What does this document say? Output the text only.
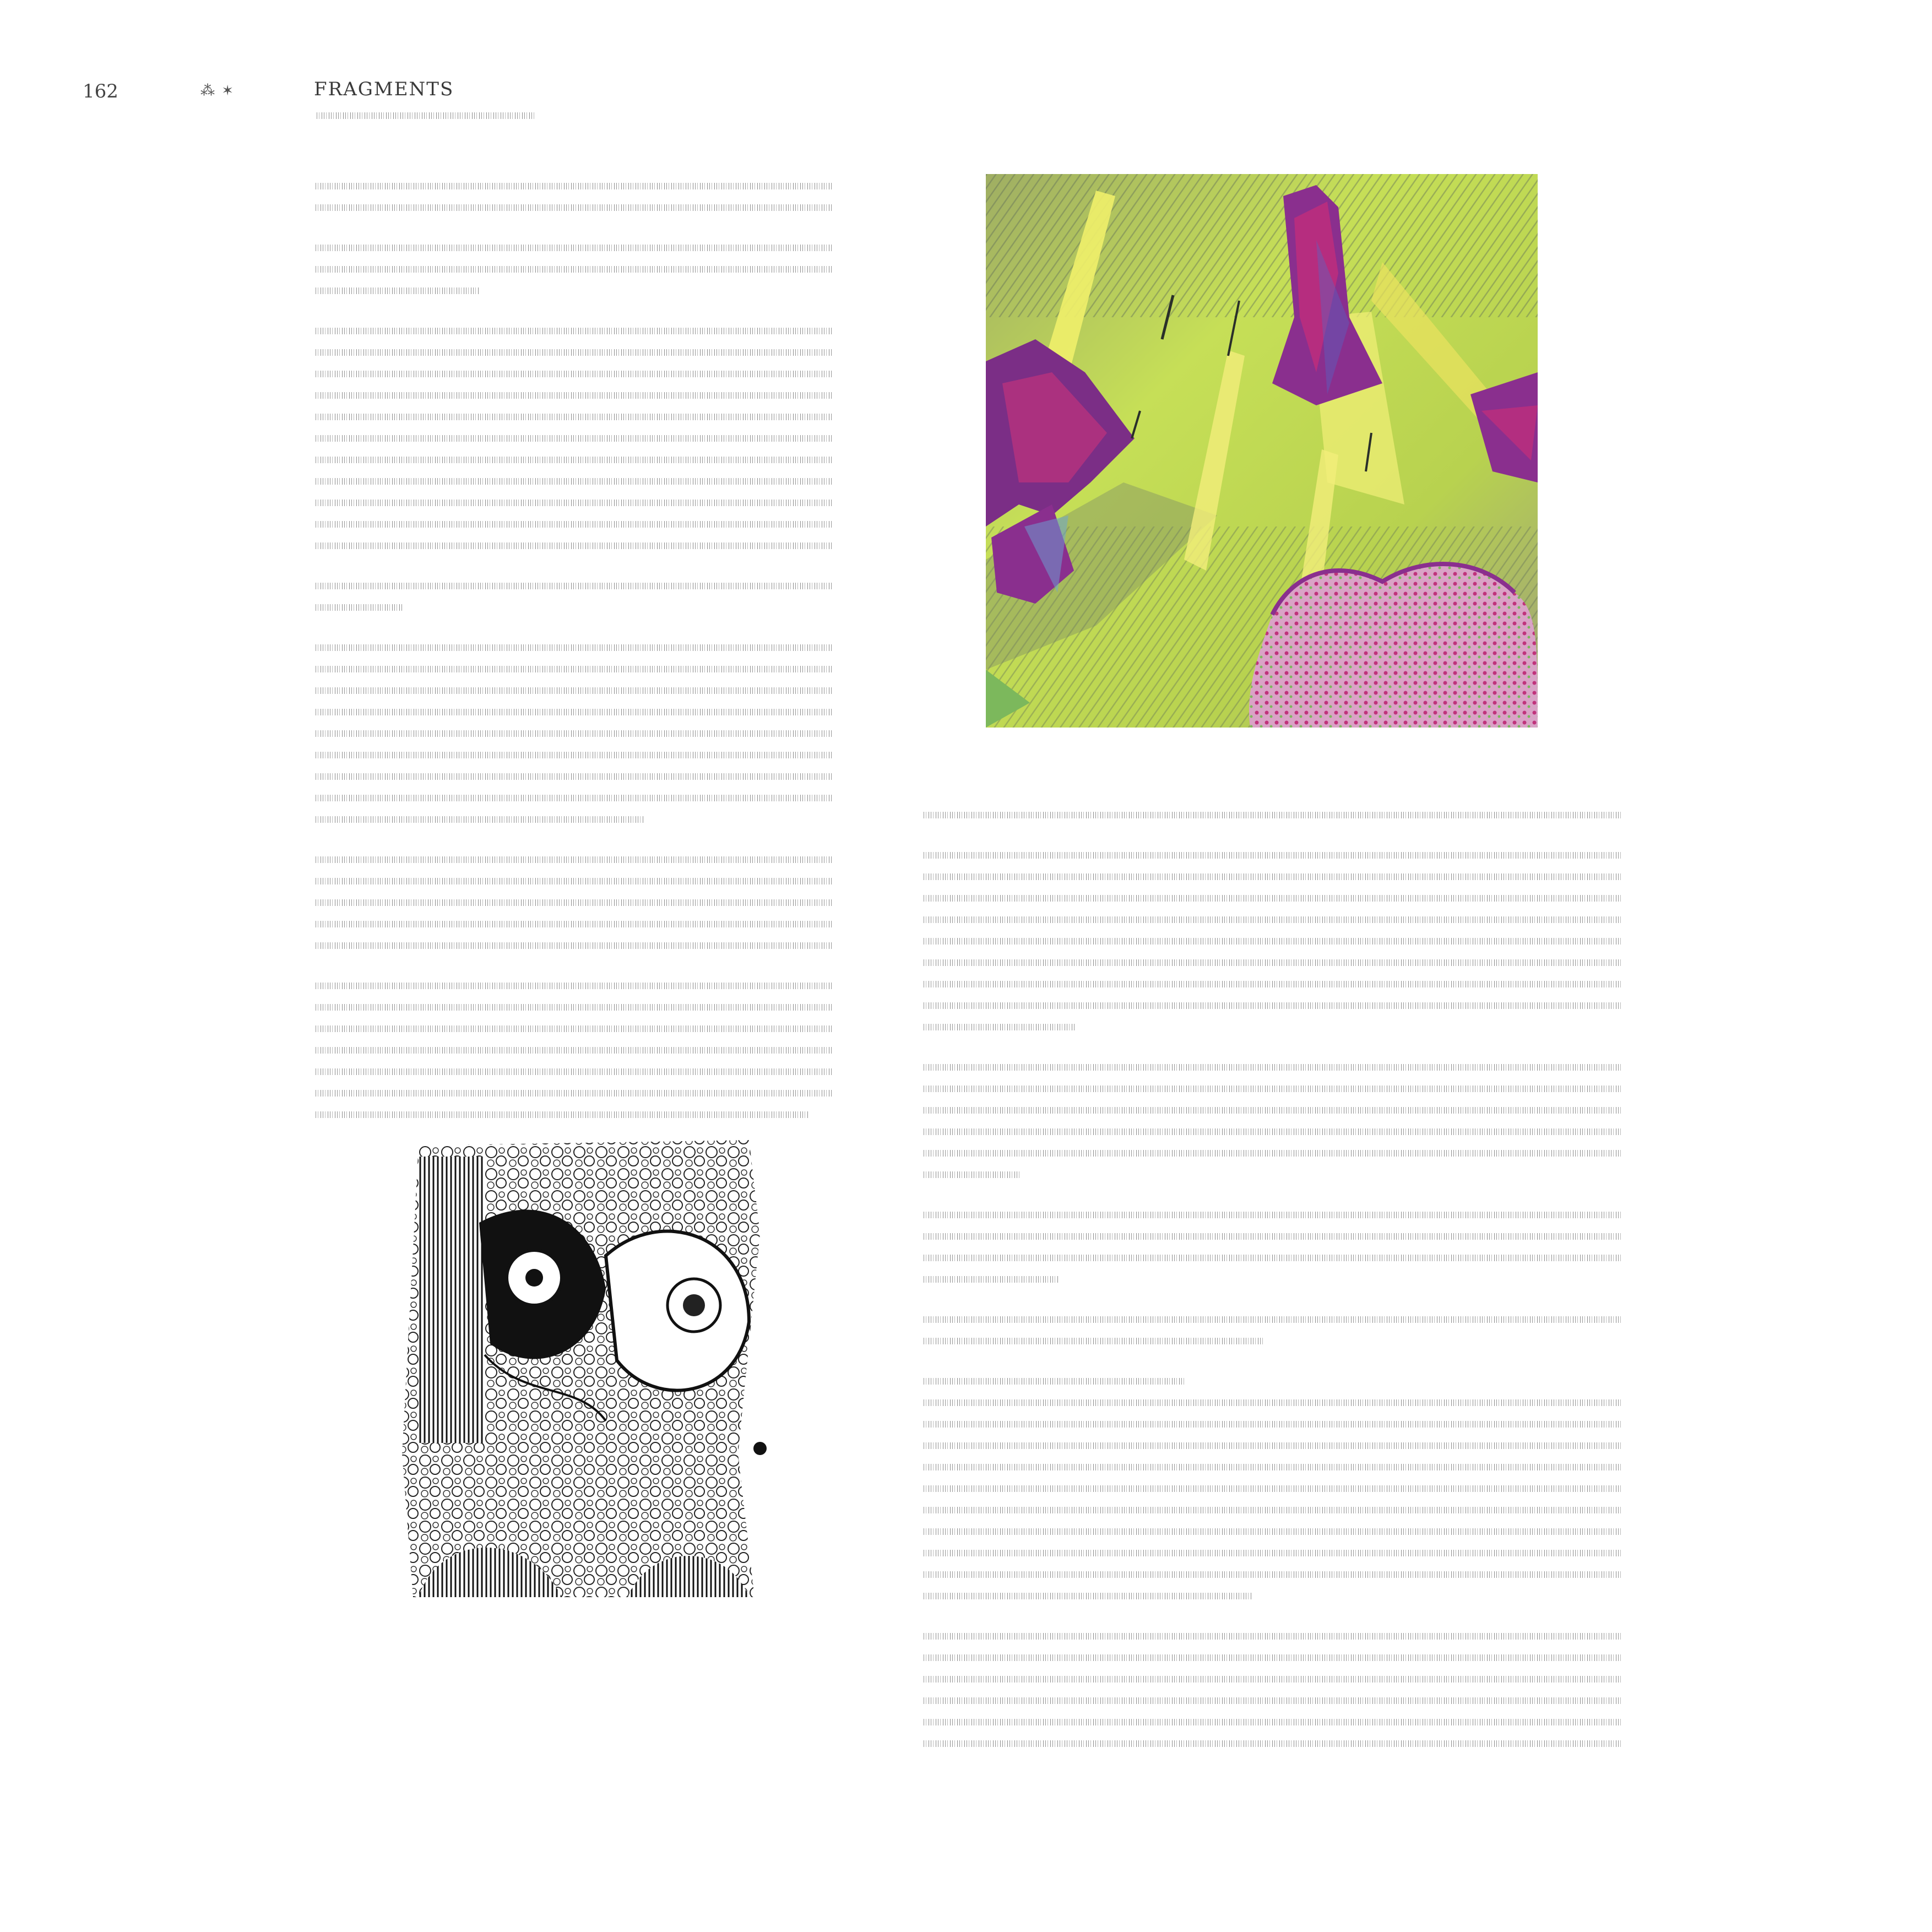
162	⁂ ✶	FRAGMENTS
